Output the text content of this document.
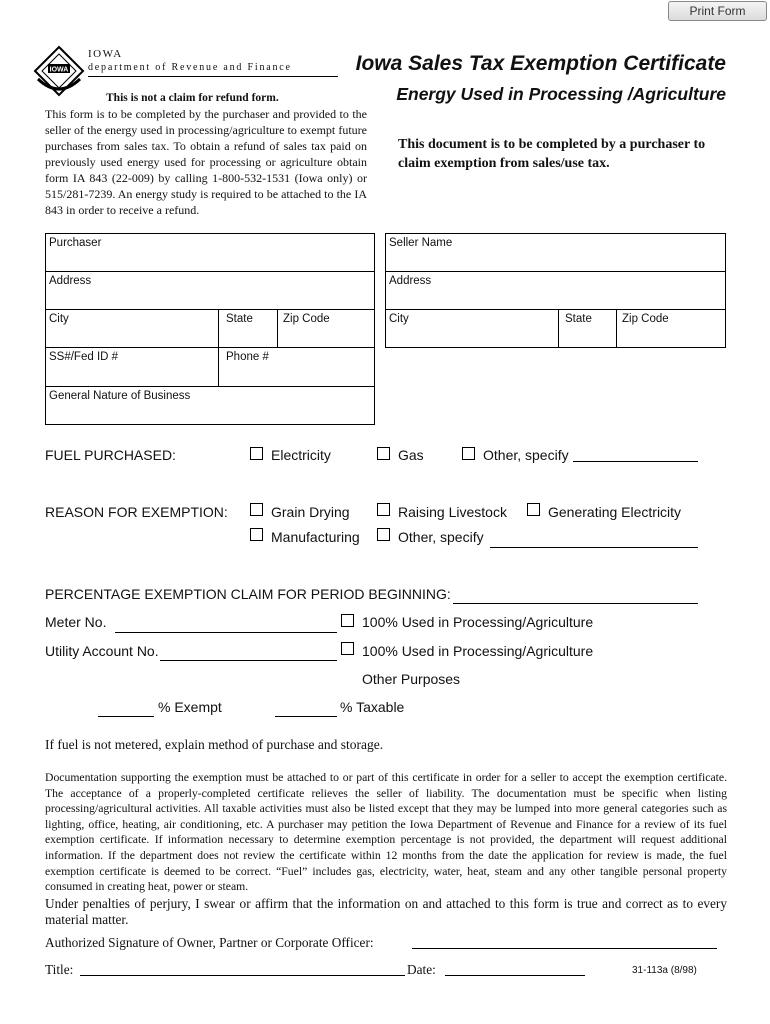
Print Form
IOWA
IOWA
department of Revenue and Finance	Iowa Sales Tax Exemption Certificate
Energy Used in Processing /Agriculture
This is not a claim for refund form.
This form is to be completed by the purchaser and provided to the seller of the energy used in processing/agriculture to exempt future purchases from sales tax. To obtain a refund of sales tax paid on previously used energy used for processing or agriculture obtain form IA 843 (22-009) by calling 1-800-532-1531 (Iowa only) or 515/281-7239. An energy study is required to be attached to the IA 843 in order to receive a refund.
This document is to be completed by a purchaser to claim exemption from sales/use tax.
Purchaser
Address
City	State	Zip Code
SS#/Fed ID #	Phone #
General Nature of Business
Seller Name
Address
City	State	Zip Code
FUEL PURCHASED:	Electricity	Gas	Other, specify
REASON FOR EXEMPTION:	Grain Drying	Raising Livestock	Generating Electricity
Manufacturing	Other, specify
PERCENTAGE EXEMPTION CLAIM FOR PERIOD BEGINNING:
Meter No.	100% Used in Processing/Agriculture
Utility Account No.	100% Used in Processing/Agriculture
Other Purposes
% Exempt	% Taxable
If fuel is not metered, explain method of purchase and storage.
Documentation supporting the exemption must be attached to or part of this certificate in order for a seller to accept the exemption certificate. The acceptance of a properly-completed certificate relieves the seller of liability. The documentation must be specific when listing processing/agricultural activities. All taxable activities must also be listed except that they may be lumped into more general categories such as lighting, office, heating, air conditioning, etc. A purchaser may petition the Iowa Department of Revenue and Finance for a review of its fuel exemption certificate. If information necessary to determine exemption percentage is not provided, the department will request additional information. If the department does not review the certificate within 12 months from the date the application for review is made, the fuel exemption certificate is deemed to be correct. “Fuel” includes gas, electricity, water, heat, steam and any other tangible personal property consumed in creating heat, power or steam.
Under penalties of perjury, I swear or affirm that the information on and attached to this form is true and correct as to every material matter.
Authorized Signature of Owner, Partner or Corporate Officer:
Title:	Date:	31-113a (8/98)
